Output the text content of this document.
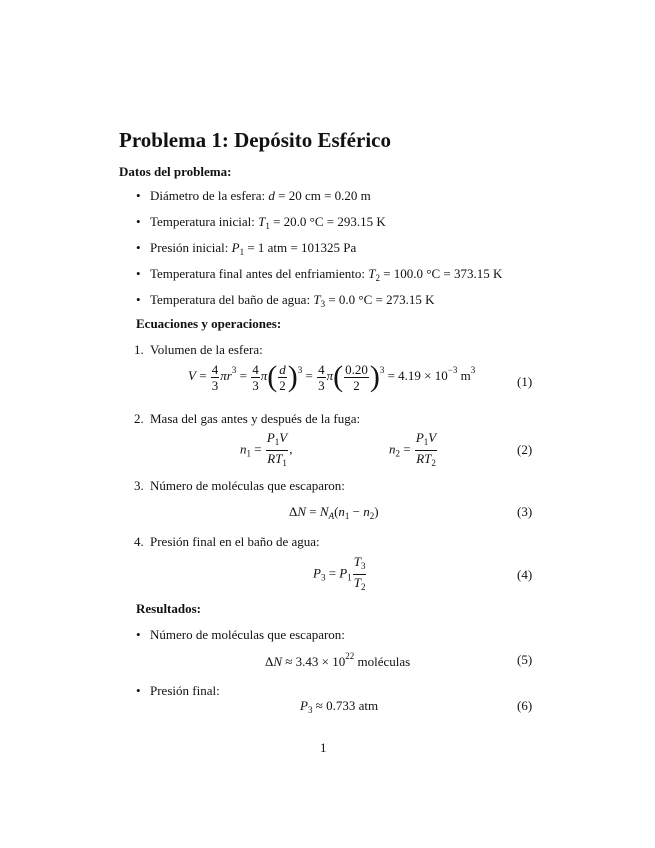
Problema 1: Depósito Esférico
Datos del problema:
• Diámetro de la esfera: d = 20 cm = 0.20 m
• Temperatura inicial: $T_1 = 20.0$ °C = 293.15 K
• Presión inicial: $P_1 = 1$ atm = 101325 Pa
• Temperatura final antes del enfriamiento: $T_2 = 100.0$ °C = 373.15 K
• Temperatura del baño de agua: $T_3 = 0.0$ °C = 273.15 K
Ecuaciones y operaciones:
1. Volumen de la esfera:
$V = \frac{4}{3} \pi r^3 = \frac{4}{3} \pi( \frac{d}{2} )^3 = \frac{4}{3} \pi( \frac{0.20}{2} )^3 = 4.19 \times 10^{-3}$ $m^3$
(1)
2. Masa del gas antes y después de la fuga:
$n_1 = \frac{P_1V}{RT_1}$ ,	$n_2 = \frac{P_1V}{RT_2}$	(2)
3. Número de moléculas que escaparon:
$\Delta N = N_A(n_1 - n_2)$	(3)
4. Presión final en el baño de agua:
$P_3 = P_1 \frac{T_3}{T_2}$	(4)
Resultados:
• Número de moléculas que escaparon:
$\Delta N \approx 3.43 \times 10^{22}$ moléculas	(5)
• Presión final:
$P_3 \approx 0.733$ atm	(6)
1
